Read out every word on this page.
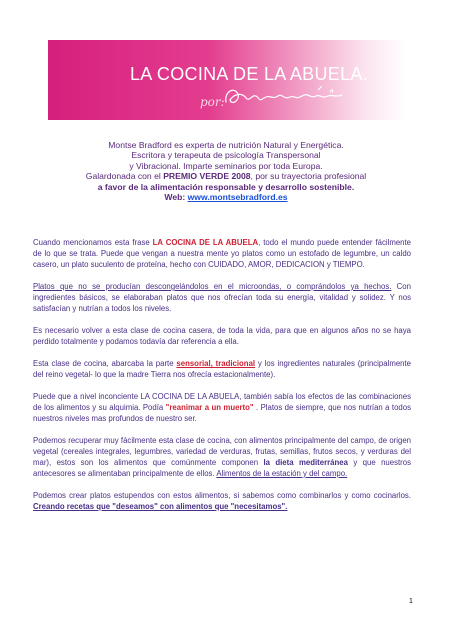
LA COCINA DE LA ABUELA.
por:
Montse Bradford es experta de nutrición Natural y Energética.
Escritora y terapeuta de psicología Transpersonal
y Vibracional. Imparte seminarios por toda Europa.
Galardonada con el PREMIO VERDE 2008, por su trayectoria profesional
a favor de la alimentación responsable y desarrollo sostenible.
Web: www.montsebradford.es

Cuando mencionamos esta frase LA COCINA DE LA ABUELA, todo el mundo puede entender fácilmente de lo que se trata. Puede que vengan a nuestra mente yo platos como un estofado de legumbre, un caldo casero, un plato suculento de proteína, hecho con CUIDADO, AMOR, DEDICACION y TIEMPO.

Platos que no se producían descongelándolos en el microondas, o comprándolos ya hechos. Con ingredientes básicos, se elaboraban platos que nos ofrecían toda su energía, vitalidad y solidez. Y nos satisfacían y nutrían a todos los niveles.

Es necesario volver a esta clase de cocina casera, de toda la vida, para que en algunos años no se haya perdido totalmente y podamos todavía dar referencia a ella.

Esta clase de cocina, abarcaba la parte sensorial, tradicional y los ingredientes naturales (principalmente del reino vegetal- lo que la madre Tierra nos ofrecía estacionalmente).

Puede que a nivel inconciente LA COCINA DE LA ABUELA, también sabía los efectos de las combinaciones de los alimentos y su alquimia. Podía "reanimar a un muerto" . Platos de siempre, que nos nutrían a todos nuestros niveles mas profundos de nuestro ser.

Podemos recuperar muy fácilmente esta clase de cocina, con alimentos principalmente del campo, de origen vegetal (cereales integrales, legumbres, variedad de verduras, frutas, semillas, frutos secos, y verduras del mar), estos son los alimentos que comúnmente componen la dieta mediterránea y que nuestros antecesores se alimentaban principalmente de ellos. Alimentos de la estación y del campo.

Podemos crear platos estupendos con estos alimentos, si sabemos como combinarlos y como cocinarlos. Creando recetas que "deseamos" con alimentos que "necesitamos".

1
